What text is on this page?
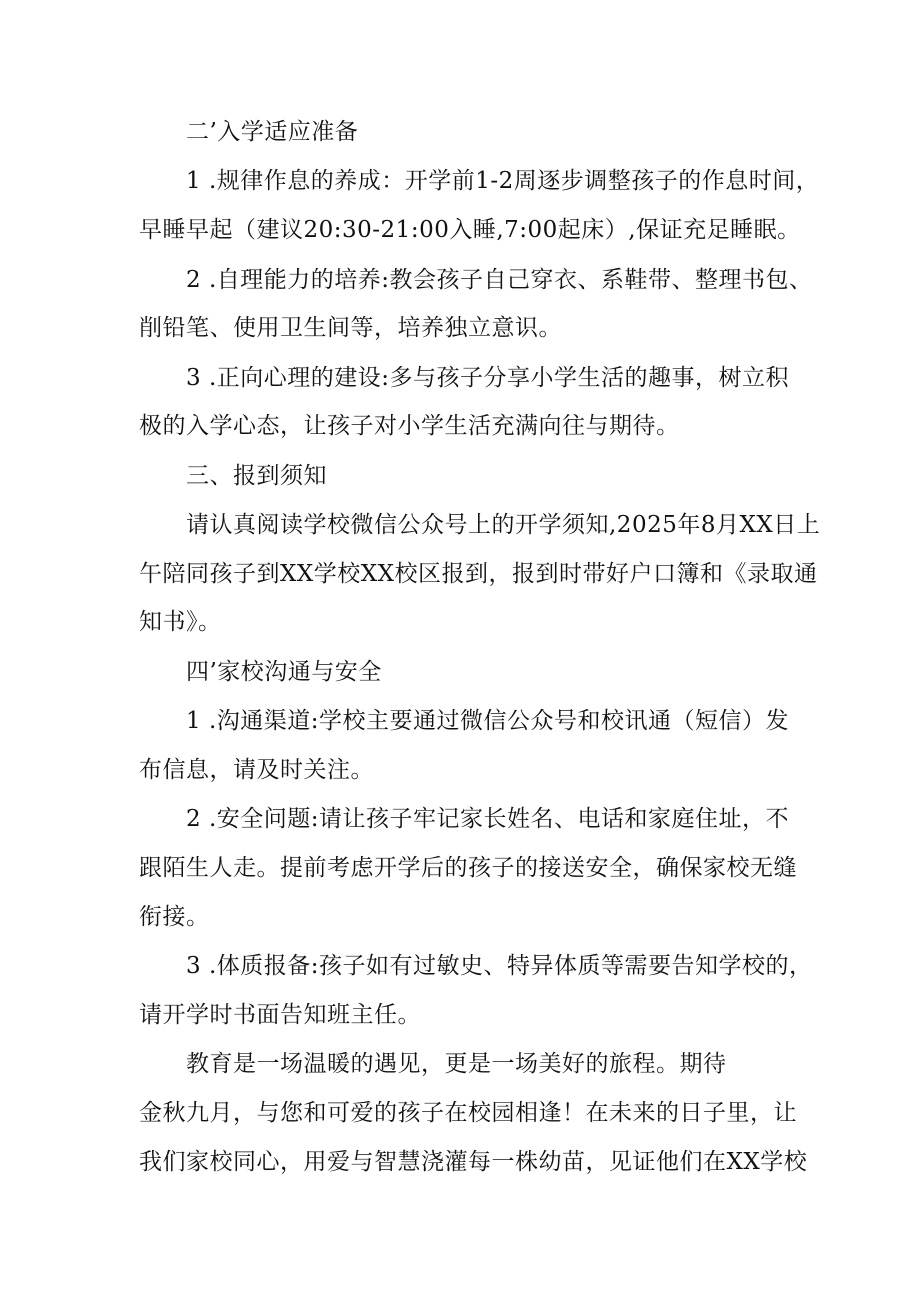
二’入学适应准备
1 .规律作息的养成：开学前1-2周逐步调整孩子的作息时间，
早睡早起（建议20:30-21:00入睡,7:00起床）,保证充足睡眠。
2 .自理能力的培养:教会孩子自己穿衣、系鞋带、整理书包、
削铅笔、使用卫生间等，培养独立意识。
3 .正向心理的建设:多与孩子分享小学生活的趣事，树立积
极的入学心态，让孩子对小学生活充满向往与期待。
三、报到须知
请认真阅读学校微信公众号上的开学须知,2025年8月XX日上
午陪同孩子到XX学校XX校区报到，报到时带好户口簿和《录取通
知书》。
四’家校沟通与安全
1 .沟通渠道:学校主要通过微信公众号和校讯通（短信）发
布信息，请及时关注。
2 .安全问题:请让孩子牢记家长姓名、电话和家庭住址，不
跟陌生人走。提前考虑开学后的孩子的接送安全，确保家校无缝
衔接。
3 .体质报备:孩子如有过敏史、特异体质等需要告知学校的，
请开学时书面告知班主任。
教育是一场温暖的遇见，更是一场美好的旅程。期待
金秋九月，与您和可爱的孩子在校园相逢！在未来的日子里，让
我们家校同心，用爱与智慧浇灌每一株幼苗，见证他们在XX学校
